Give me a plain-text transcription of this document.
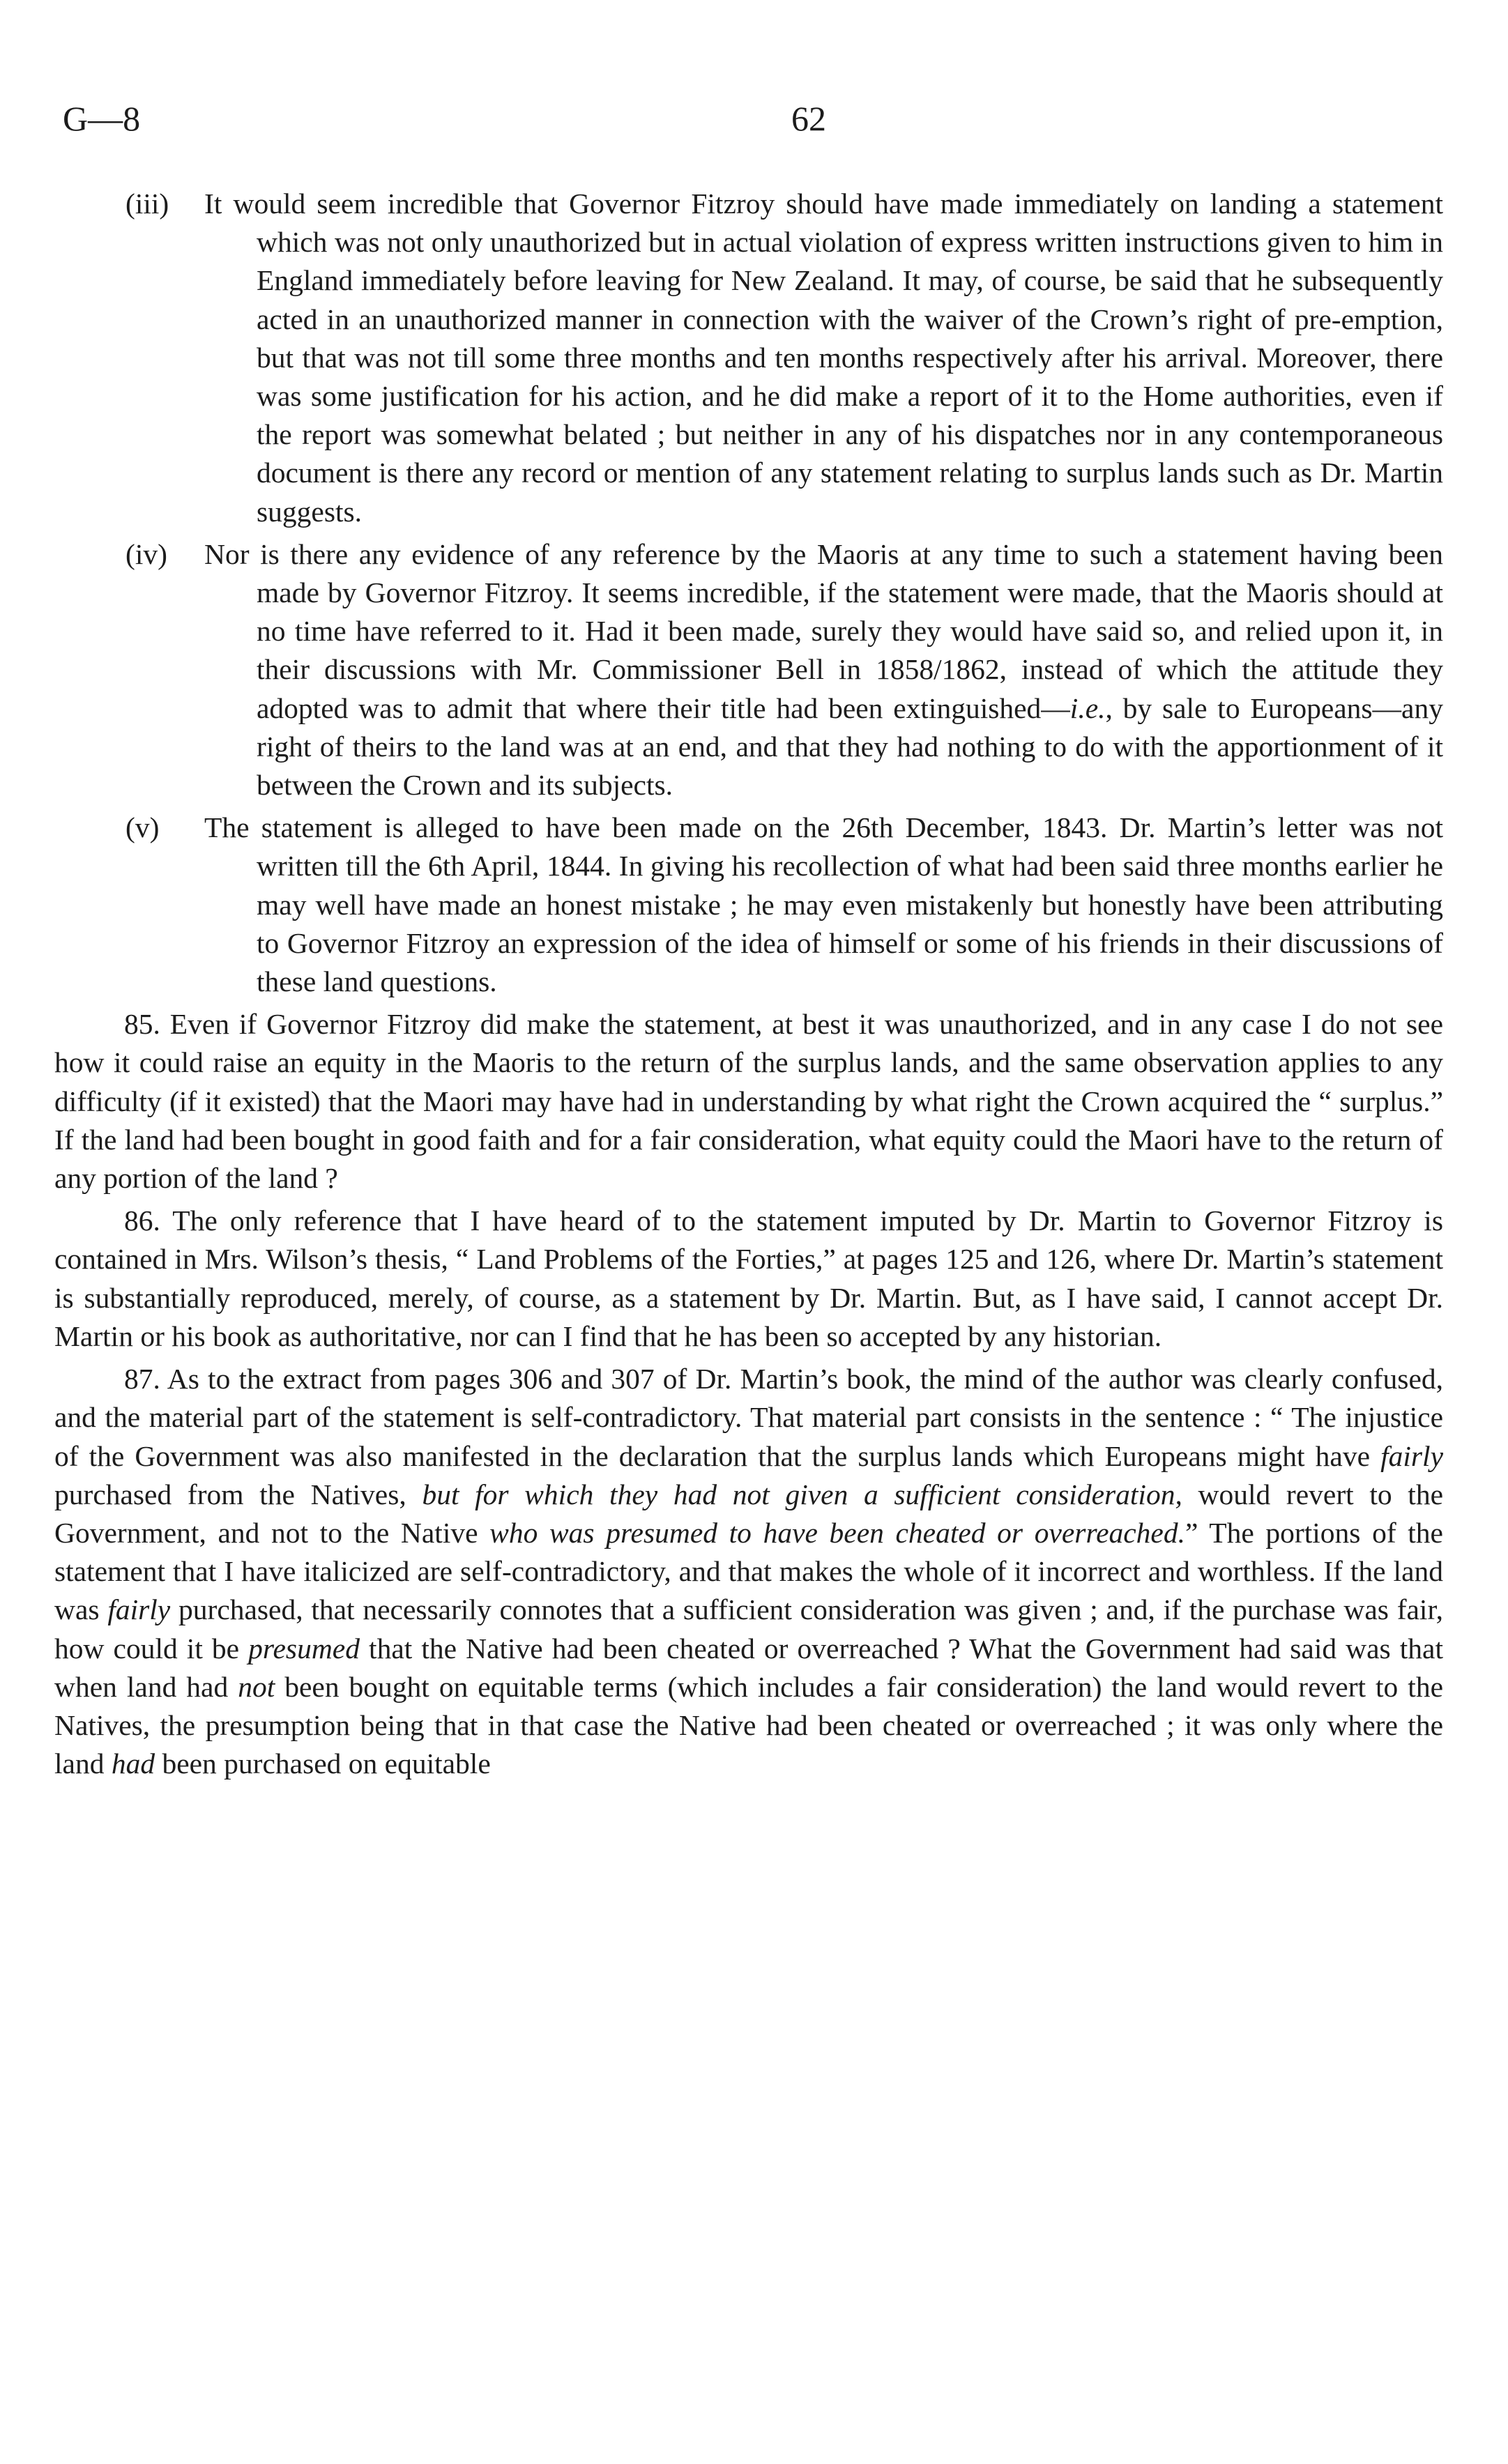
G—8	62
(iii)	It would seem incredible that Governor Fitzroy should have made immediately on landing a statement which was not only unauthorized but in actual violation of express written instructions given to him in England immediately before leaving for New Zealand. It may, of course, be said that he subsequently acted in an unauthorized manner in connection with the waiver of the Crown’s right of pre-emption, but that was not till some three months and ten months respectively after his arrival. Moreover, there was some justification for his action, and he did make a report of it to the Home authorities, even if the report was somewhat belated ; but neither in any of his dispatches nor in any contemporaneous document is there any record or mention of any statement relating to surplus lands such as Dr. Martin suggests.
(iv)	Nor is there any evidence of any reference by the Maoris at any time to such a statement having been made by Governor Fitzroy. It seems incredible, if the statement were made, that the Maoris should at no time have referred to it. Had it been made, surely they would have said so, and relied upon it, in their discussions with Mr. Commissioner Bell in 1858/1862, instead of which the attitude they adopted was to admit that where their title had been extinguished—i.e., by sale to Europeans—any right of theirs to the land was at an end, and that they had nothing to do with the apportionment of it between the Crown and its subjects.
(v)	The statement is alleged to have been made on the 26th December, 1843. Dr. Martin’s letter was not written till the 6th April, 1844. In giving his recollection of what had been said three months earlier he may well have made an honest mistake ; he may even mistakenly but honestly have been attributing to Governor Fitzroy an expression of the idea of himself or some of his friends in their discussions of these land questions.

85. Even if Governor Fitzroy did make the statement, at best it was unauthorized, and in any case I do not see how it could raise an equity in the Maoris to the return of the surplus lands, and the same observation applies to any difficulty (if it existed) that the Maori may have had in understanding by what right the Crown acquired the “ surplus.” If the land had been bought in good faith and for a fair consideration, what equity could the Maori have to the return of any portion of the land ?

86. The only reference that I have heard of to the statement imputed by Dr. Martin to Governor Fitzroy is contained in Mrs. Wilson’s thesis, “ Land Problems of the Forties,” at pages 125 and 126, where Dr. Martin’s statement is substantially reproduced, merely, of course, as a statement by Dr. Martin. But, as I have said, I cannot accept Dr. Martin or his book as authoritative, nor can I find that he has been so accepted by any historian.

87. As to the extract from pages 306 and 307 of Dr. Martin’s book, the mind of the author was clearly confused, and the material part of the statement is self-contradictory. That material part consists in the sentence : “ The injustice of the Government was also manifested in the declaration that the surplus lands which Europeans might have fairly purchased from the Natives, but for which they had not given a sufficient consideration, would revert to the Government, and not to the Native who was presumed to have been cheated or overreached.” The portions of the statement that I have italicized are self-contradictory, and that makes the whole of it incorrect and worthless. If the land was fairly purchased, that necessarily connotes that a sufficient consideration was given ; and, if the purchase was fair, how could it be presumed that the Native had been cheated or overreached ? What the Government had said was that when land had not been bought on equitable terms (which includes a fair consideration) the land would revert to the Natives, the presumption being that in that case the Native had been cheated or overreached ; it was only where the land had been purchased on equitable
